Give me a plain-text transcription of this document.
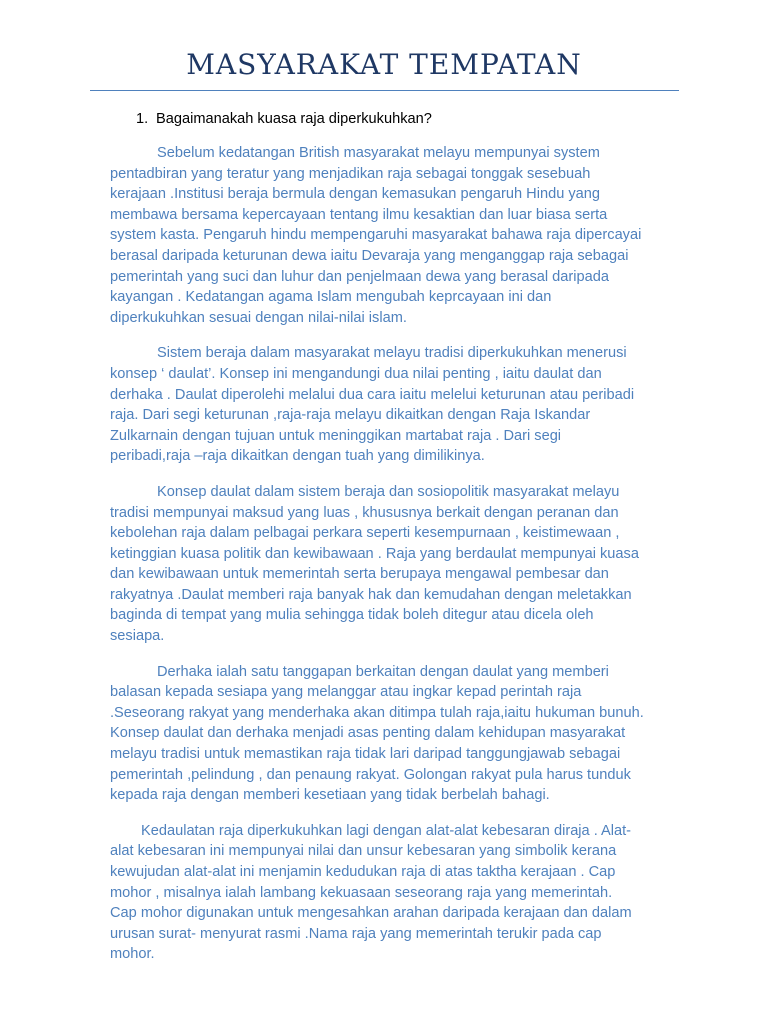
MASYARAKAT TEMPATAN
1. Bagaimanakah kuasa raja diperkukuhkan?
Sebelum kedatangan British masyarakat melayu mempunyai system
pentadbiran yang teratur yang menjadikan raja sebagai tonggak sesebuah
kerajaan .Institusi beraja bermula dengan kemasukan pengaruh Hindu yang
membawa bersama kepercayaan tentang ilmu kesaktian dan luar biasa serta
system kasta. Pengaruh hindu mempengaruhi masyarakat bahawa raja dipercayai
berasal daripada keturunan dewa iaitu Devaraja yang menganggap raja sebagai
pemerintah yang suci dan luhur dan penjelmaan dewa yang berasal daripada
kayangan . Kedatangan agama Islam mengubah keprcayaan ini dan
diperkukuhkan sesuai dengan nilai-nilai islam.
Sistem beraja dalam masyarakat melayu tradisi diperkukuhkan menerusi
konsep ‘ daulat’. Konsep ini mengandungi dua nilai penting , iaitu daulat dan
derhaka . Daulat diperolehi melalui dua cara iaitu melelui keturunan atau peribadi
raja. Dari segi keturunan ,raja-raja melayu dikaitkan dengan Raja Iskandar
Zulkarnain dengan tujuan untuk meninggikan martabat raja . Dari segi
peribadi,raja –raja dikaitkan dengan tuah yang dimilikinya.
Konsep daulat dalam sistem beraja dan sosiopolitik masyarakat melayu
tradisi mempunyai maksud yang luas , khususnya berkait dengan peranan dan
kebolehan raja dalam pelbagai perkara seperti kesempurnaan , keistimewaan ,
ketinggian kuasa politik dan kewibawaan . Raja yang berdaulat mempunyai kuasa
dan kewibawaan untuk memerintah serta berupaya mengawal pembesar dan
rakyatnya .Daulat memberi raja banyak hak dan kemudahan dengan meletakkan
baginda di tempat yang mulia sehingga tidak boleh ditegur atau dicela oleh
sesiapa.
Derhaka ialah satu tanggapan berkaitan dengan daulat yang memberi
balasan kepada sesiapa yang melanggar atau ingkar kepad perintah raja
.Seseorang rakyat yang menderhaka akan ditimpa tulah raja,iaitu hukuman bunuh.
Konsep daulat dan derhaka menjadi asas penting dalam kehidupan masyarakat
melayu tradisi untuk memastikan raja tidak lari daripad tanggungjawab sebagai
pemerintah ,pelindung , dan penaung rakyat. Golongan rakyat pula harus tunduk
kepada raja dengan memberi kesetiaan yang tidak berbelah bahagi.
Kedaulatan raja diperkukuhkan lagi dengan alat-alat kebesaran diraja . Alat-
alat kebesaran ini mempunyai nilai dan unsur kebesaran yang simbolik kerana
kewujudan alat-alat ini menjamin kedudukan raja di atas taktha kerajaan . Cap
mohor , misalnya ialah lambang kekuasaan seseorang raja yang memerintah.
Cap mohor digunakan untuk mengesahkan arahan daripada kerajaan dan dalam
urusan surat- menyurat rasmi .Nama raja yang memerintah terukir pada cap
mohor.
